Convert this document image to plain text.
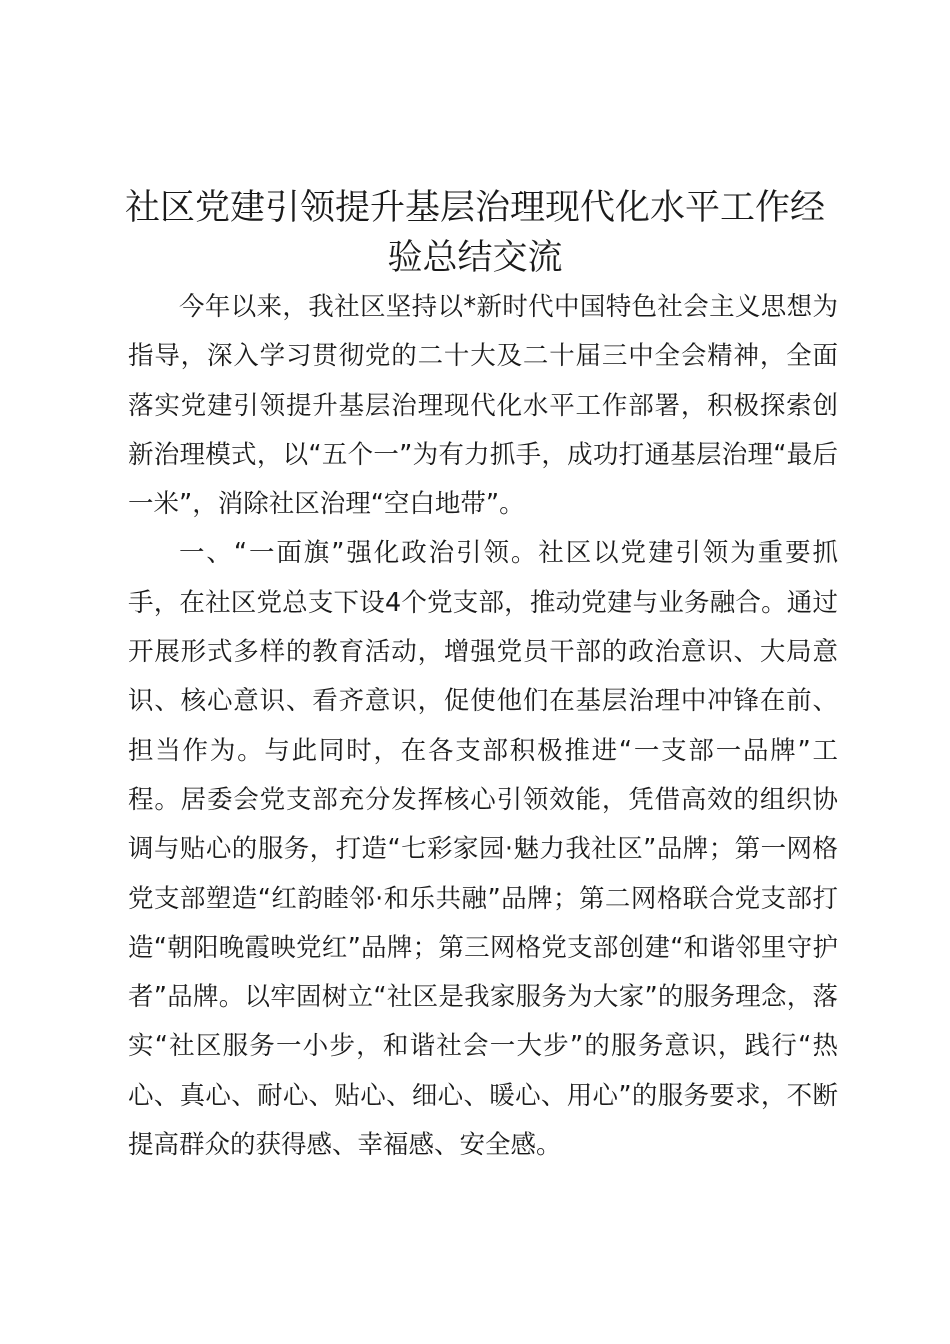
社区党建引领提升基层治理现代化水平工作经验总结交流

今年以来，我社区坚持以*新时代中国特色社会主义思想为指导，深入学习贯彻党的二十大及二十届三中全会精神，全面落实党建引领提升基层治理现代化水平工作部署，积极探索创新治理模式，以“五个一”为有力抓手，成功打通基层治理“最后一米”，消除社区治理“空白地带”。

一、“一面旗”强化政治引领。社区以党建引领为重要抓手，在社区党总支下设4个党支部，推动党建与业务融合。通过开展形式多样的教育活动，增强党员干部的政治意识、大局意识、核心意识、看齐意识，促使他们在基层治理中冲锋在前、担当作为。与此同时，在各支部积极推进“一支部一品牌”工程。居委会党支部充分发挥核心引领效能，凭借高效的组织协调与贴心的服务，打造“七彩家园·魅力我社区”品牌；第一网格党支部塑造“红韵睦邻·和乐共融”品牌；第二网格联合党支部打造“朝阳晚霞映党红”品牌；第三网格党支部创建“和谐邻里守护者”品牌。以牢固树立“社区是我家服务为大家”的服务理念，落实“社区服务一小步，和谐社会一大步”的服务意识，践行“热心、真心、耐心、贴心、细心、暖心、用心”的服务要求，不断提高群众的获得感、幸福感、安全感。
